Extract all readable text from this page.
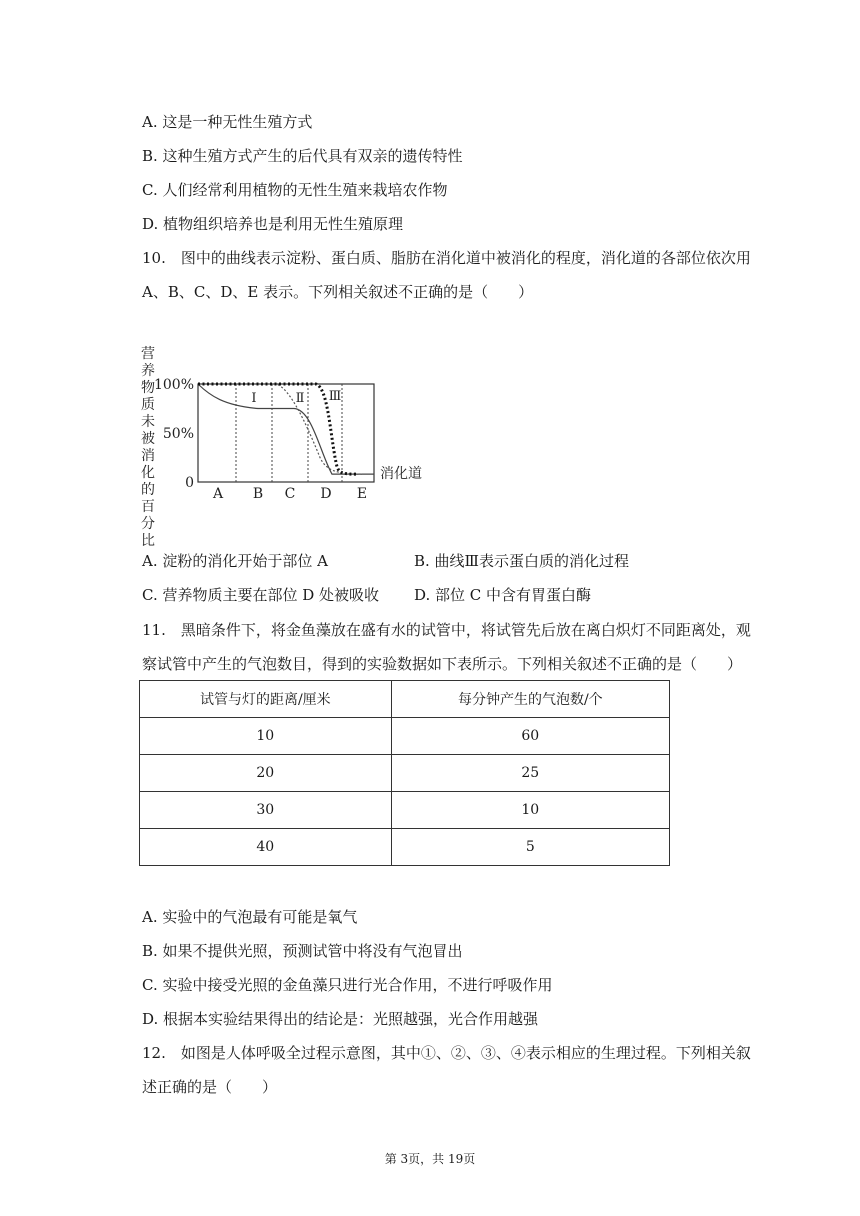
A. 这是一种无性生殖方式
B. 这种生殖方式产生的后代具有双亲的遗传特性
C. 人们经常利用植物的无性生殖来栽培农作物
D. 植物组织培养也是利用无性生殖原理
10.　图中的曲线表示淀粉、蛋白质、脂肪在消化道中被消化的程度，消化道的各部位依次用
A、B、C、D、E 表示。下列相关叙述不正确的是（　　）
营
养
物
质
未
被
消
化
的
百
分
比
100%
50%
0
A B C D E
消化道
Ⅰ	Ⅱ Ⅲ
A. 淀粉的消化开始于部位 A	B. 曲线Ⅲ表示蛋白质的消化过程
C. 营养物质主要在部位 D 处被吸收 D. 部位 C 中含有胃蛋白酶
11.　黑暗条件下，将金鱼藻放在盛有水的试管中，将试管先后放在离白炽灯不同距离处，观
察试管中产生的气泡数目，得到的实验数据如下表所示。下列相关叙述不正确的是（　　）
试管与灯的距离/厘米	每分钟产生的气泡数/个
10	60
20	25
30	10
40	5
A. 实验中的气泡最有可能是氧气
B. 如果不提供光照，预测试管中将没有气泡冒出
C. 实验中接受光照的金鱼藻只进行光合作用，不进行呼吸作用
D. 根据本实验结果得出的结论是：光照越强，光合作用越强
12.　如图是人体呼吸全过程示意图，其中①、②、③、④表示相应的生理过程。下列相关叙
述正确的是（　　）
第 3页，共 19页
